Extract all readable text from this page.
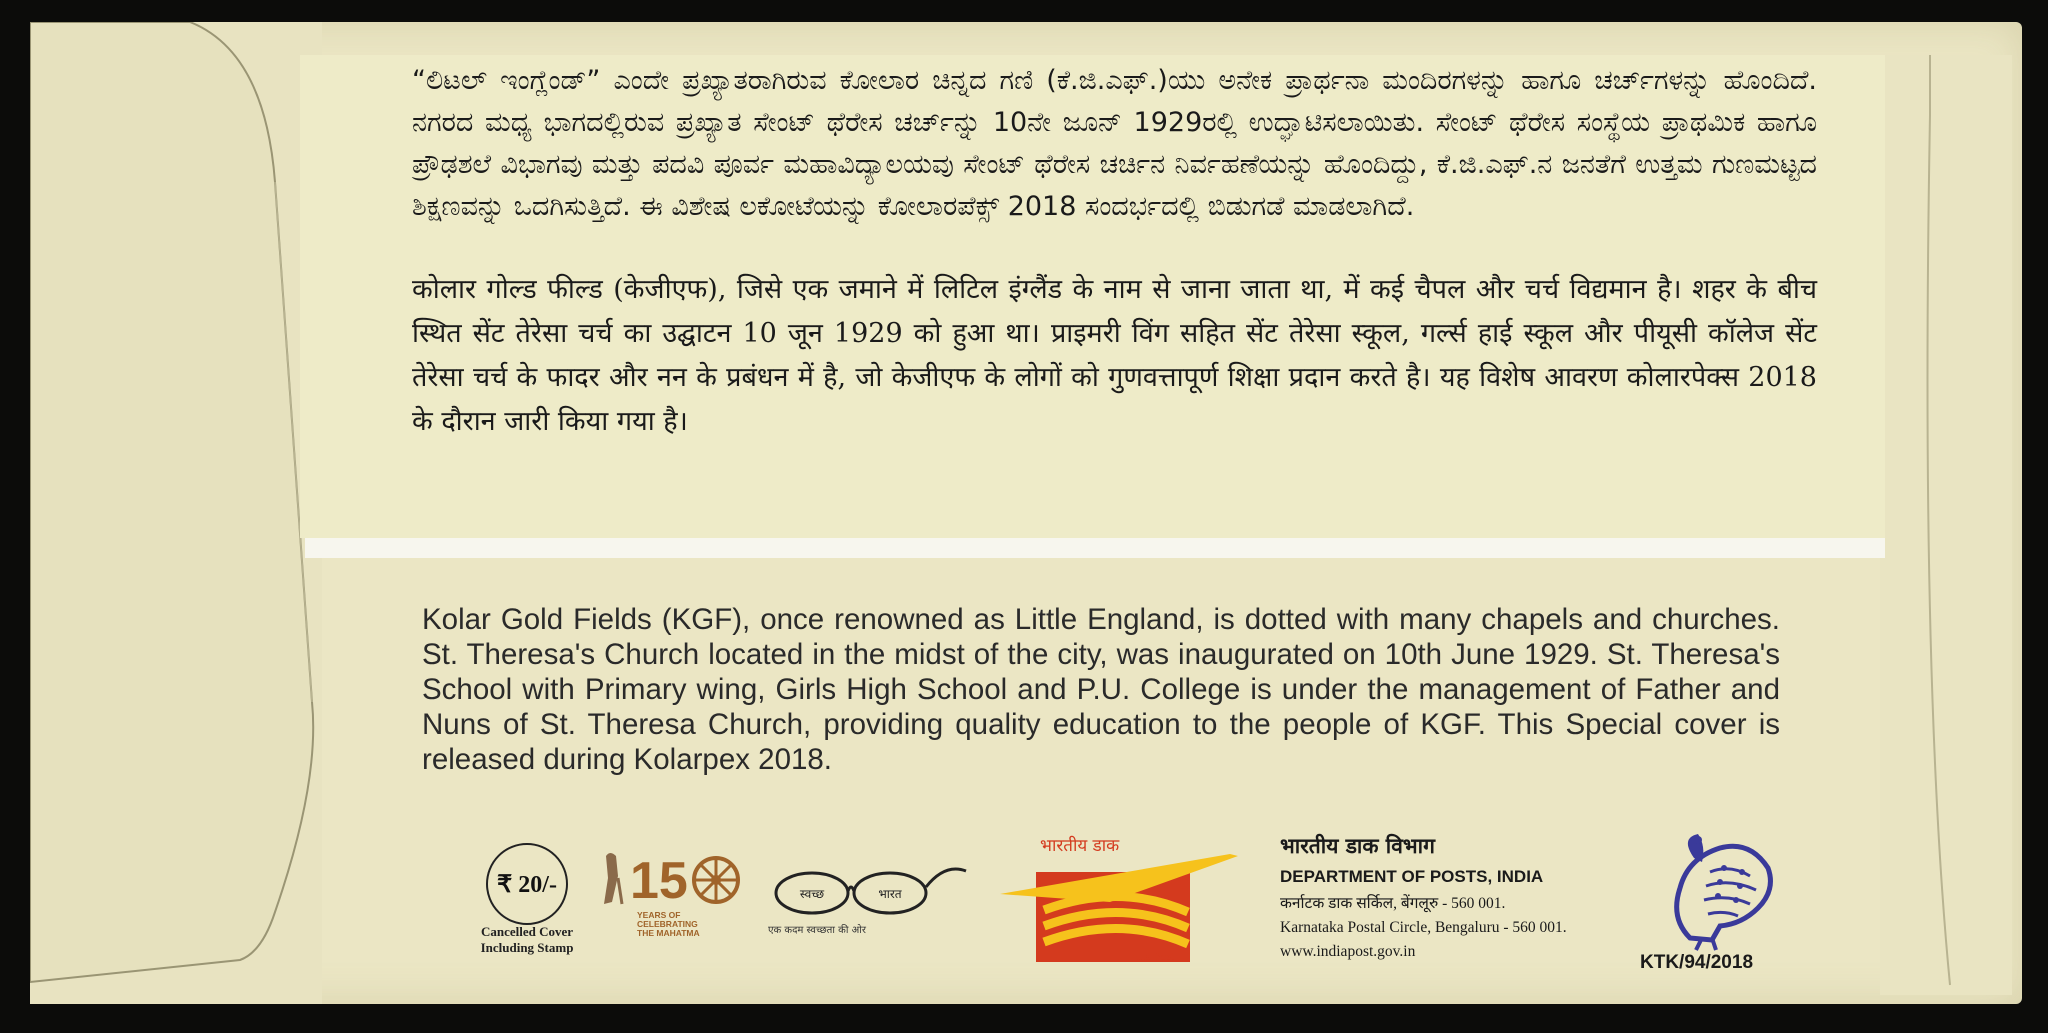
“ಲಿಟಲ್ ಇಂಗ್ಲೆಂಡ್” ಎಂದೇ ಪ್ರಖ್ಯಾತರಾಗಿರುವ ಕೋಲಾರ ಚಿನ್ನದ ಗಣಿ (ಕೆ.ಜಿ.ಎಫ್.)ಯು ಅನೇಕ ಪ್ರಾರ್ಥನಾ ಮಂದಿರಗಳನ್ನು ಹಾಗೂ ಚರ್ಚ್‌ಗಳನ್ನು ಹೊಂದಿದೆ. ನಗರದ ಮಧ್ಯ ಭಾಗದಲ್ಲಿರುವ ಪ್ರಖ್ಯಾತ ಸೇಂಟ್ ಥೆರೇಸ ಚರ್ಚ್‌ನ್ನು 10ನೇ ಜೂನ್ 1929ರಲ್ಲಿ ಉದ್ಘಾಟಿಸಲಾಯಿತು. ಸೇಂಟ್ ಥೆರೇಸ ಸಂಸ್ಥೆಯ ಪ್ರಾಥಮಿಕ ಹಾಗೂ ಪ್ರೌಢಶಲೆ ವಿಭಾಗವು ಮತ್ತು ಪದವಿ ಪೂರ್ವ ಮಹಾವಿದ್ಯಾಲಯವು ಸೇಂಟ್ ಥೆರೇಸ ಚರ್ಚಿನ ನಿರ್ವಹಣೆಯನ್ನು ಹೊಂದಿದ್ದು, ಕೆ.ಜಿ.ಎಫ್.ನ ಜನತೆಗೆ ಉತ್ತಮ ಗುಣಮಟ್ಟದ ಶಿಕ್ಷಣವನ್ನು ಒದಗಿಸುತ್ತಿದೆ. ಈ ವಿಶೇಷ ಲಕೋಟೆಯನ್ನು ಕೋಲಾರಪೆಕ್ಸ್ 2018 ಸಂದರ್ಭದಲ್ಲಿ ಬಿಡುಗಡೆ ಮಾಡಲಾಗಿದೆ.

कोलार गोल्ड फील्ड (केजीएफ), जिसे एक जमाने में लिटिल इंग्लैंड के नाम से जाना जाता था, में कई चैपल और चर्च विद्यमान है। शहर के बीच स्थित सेंट तेरेसा चर्च का उद्घाटन 10 जून 1929 को हुआ था। प्राइमरी विंग सहित सेंट तेरेसा स्कूल, गर्ल्स हाई स्कूल और पीयूसी कॉलेज सेंट तेरेसा चर्च के फादर और नन के प्रबंधन में है, जो केजीएफ के लोगों को गुणवत्तापूर्ण शिक्षा प्रदान करते है। यह विशेष आवरण कोलारपेक्स 2018 के दौरान जारी किया गया है।

Kolar Gold Fields (KGF), once renowned as Little England, is dotted with many chapels and churches. St. Theresa's Church located in the midst of the city, was inaugurated on 10th June 1929. St. Theresa's School with Primary wing, Girls High School and P.U. College is under the management of Father and Nuns of St. Theresa Church, providing quality education to the people of KGF. This Special cover is released during Kolarpex 2018.

₹ 20/-
Cancelled Cover
Including Stamp
15
YEARS OF
CELEBRATING
THE MAHATMA
स्वच्छ	भारत
एक कदम स्वच्छता की ओर
भारतीय डाक
India Post
भारतीय डाक विभाग
DEPARTMENT OF POSTS, INDIA
कर्नाटक डाक सर्किल, बेंगलूरु - 560 001.
Karnataka Postal Circle, Bengaluru - 560 001.
www.indiapost.gov.in
KTK/94/2018
